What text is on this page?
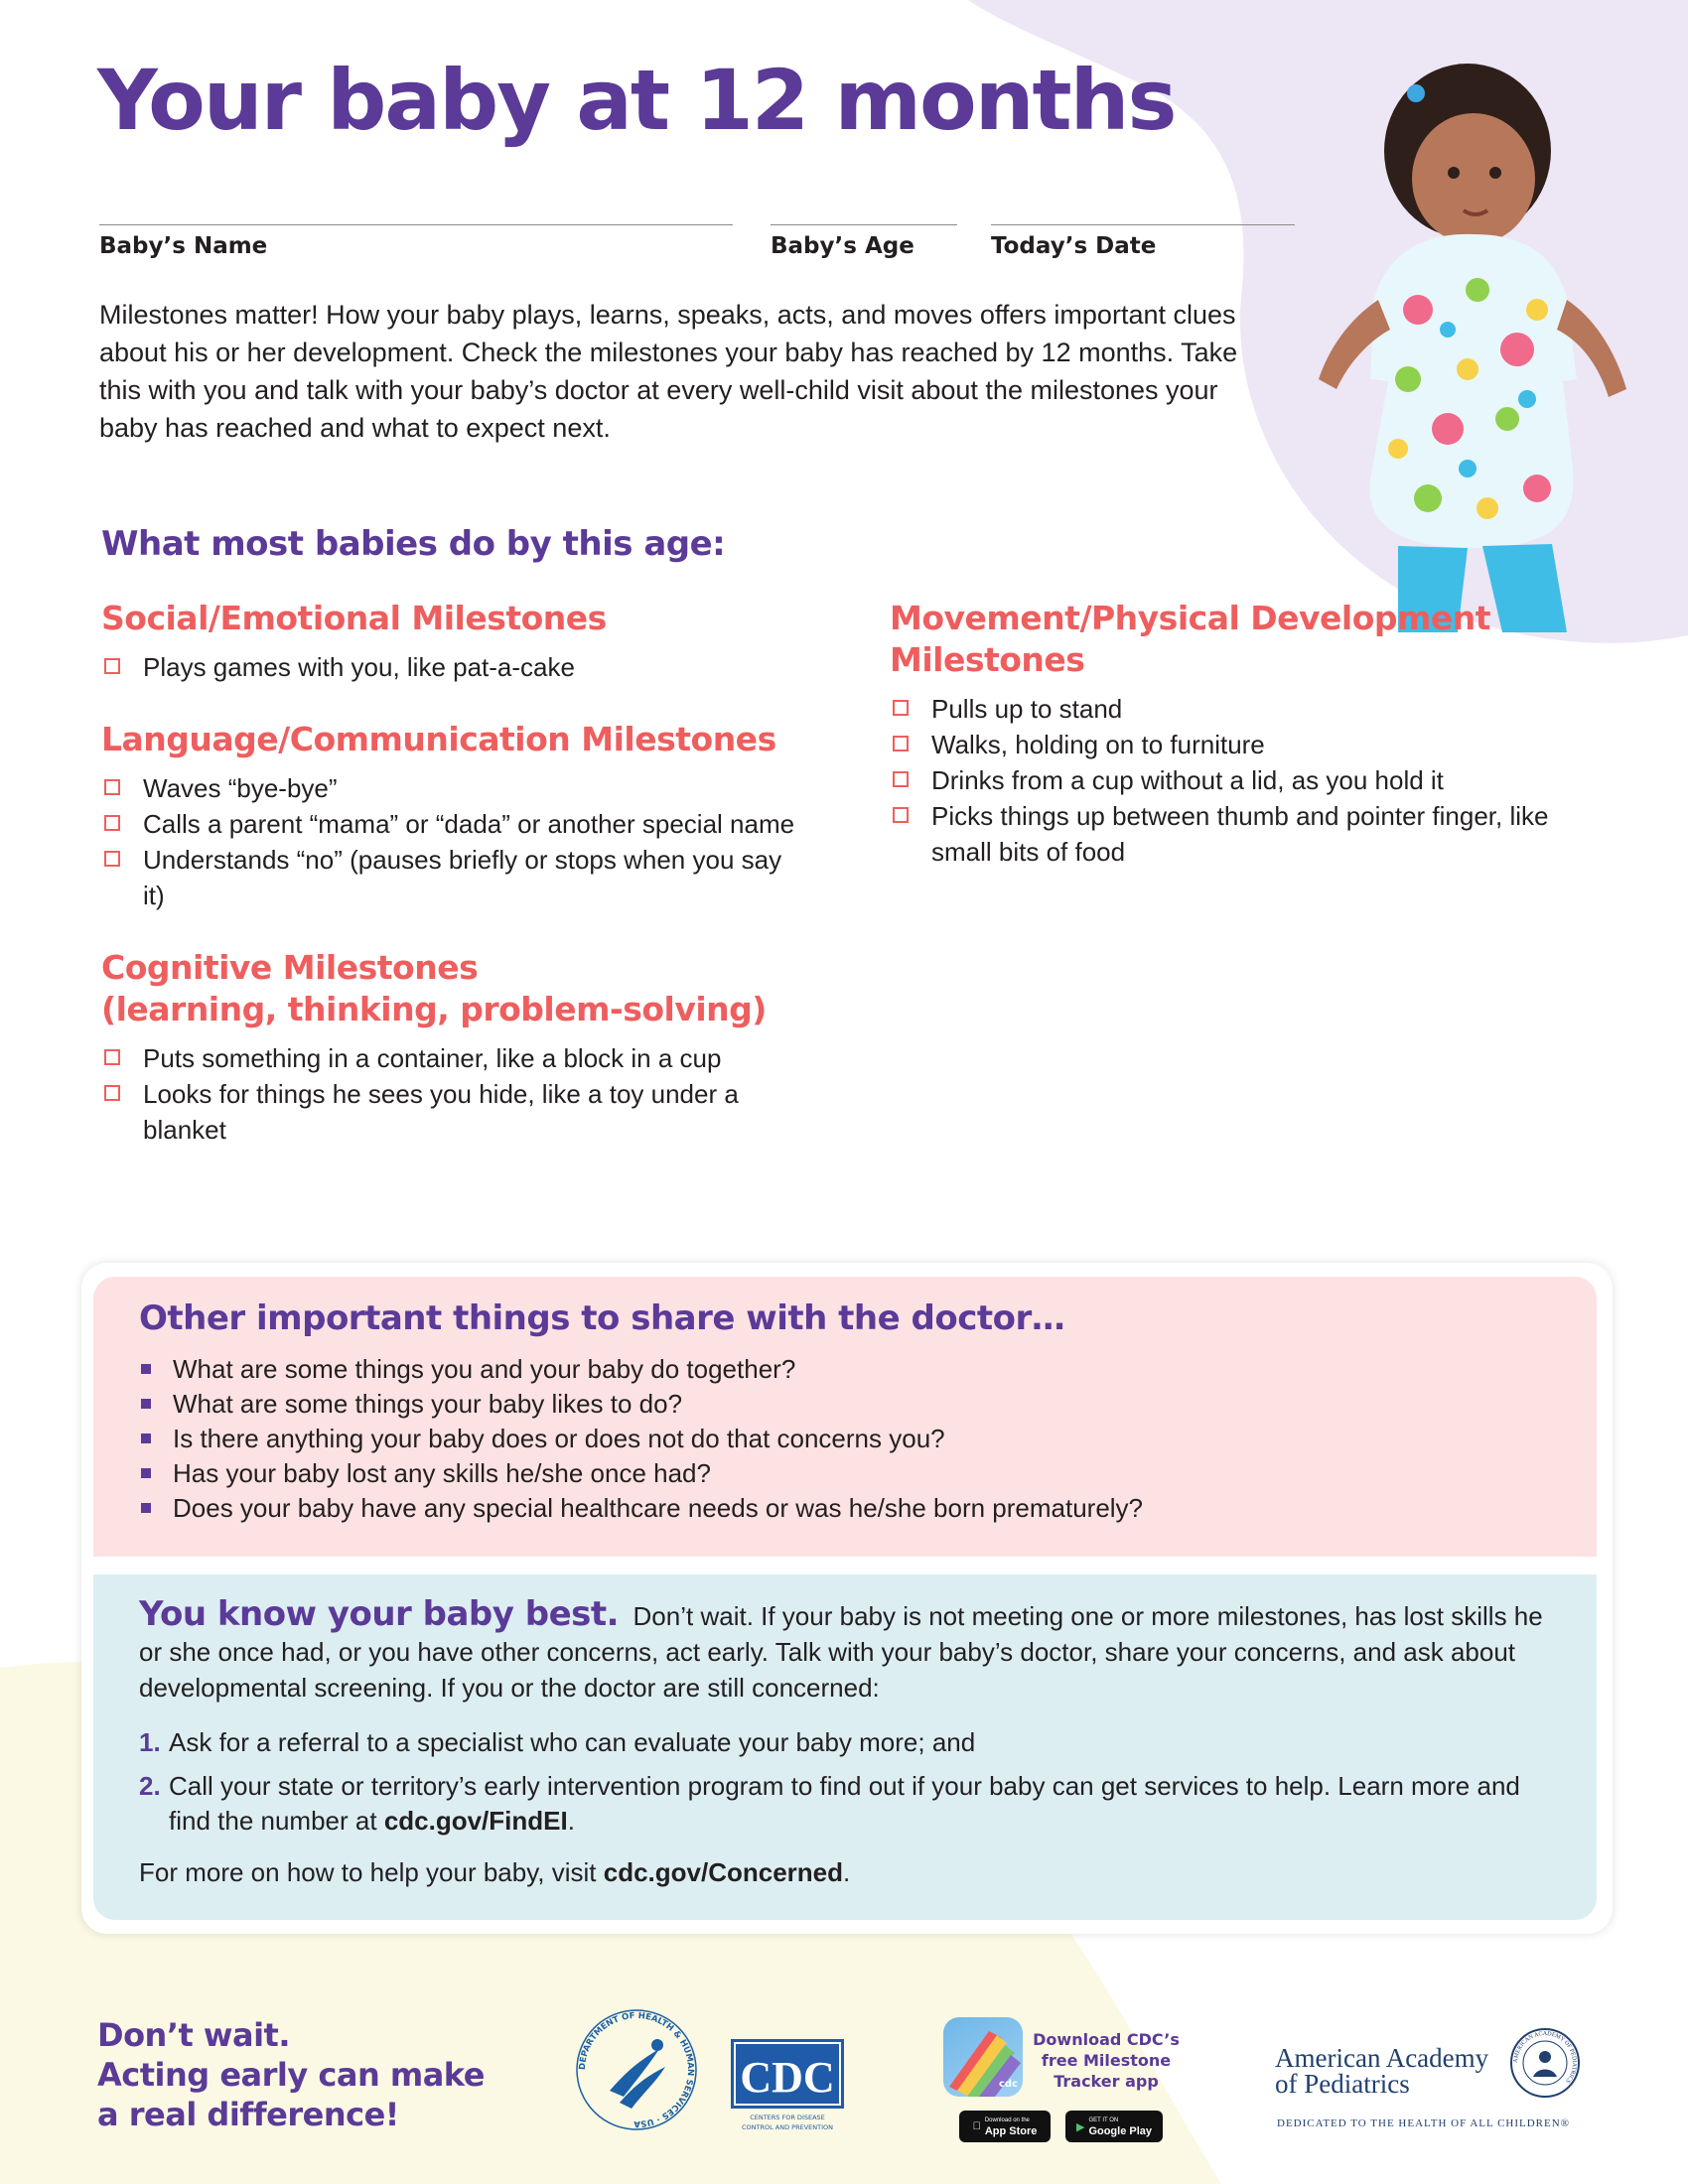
Your baby at 12 months
Baby’s Name	Baby’s Age	Today’s Date

Milestones matter! How your baby plays, learns, speaks, acts, and moves offers important clues about his or her development. Check the milestones your baby has reached by 12 months. Take this with you and talk with your baby’s doctor at every well-child visit about the milestones your baby has reached and what to expect next.

What most babies do by this age:
Social/Emotional Milestones
Plays games with you, like pat-a-cake
Language/Communication Milestones
Waves “bye-bye”
Calls a parent “mama” or “dada” or another special name
Understands “no” (pauses briefly or stops when you say it)
Cognitive Milestones
(learning, thinking, problem-solving)
Puts something in a container, like a block in a cup
Looks for things he sees you hide, like a toy under a blanket
Movement/Physical Development
Milestones
Pulls up to stand
Walks, holding on to furniture
Drinks from a cup without a lid, as you hold it
Picks things up between thumb and pointer finger, like small bits of food
Other important things to share with the doctor…
What are some things you and your baby do together?
What are some things your baby likes to do?
Is there anything your baby does or does not do that concerns you?
Has your baby lost any skills he/she once had?
Does your baby have any special healthcare needs or was he/she born prematurely?

You know your baby best. Don’t wait. If your baby is not meeting one or more milestones, has lost skills he or she once had, or you have other concerns, act early. Talk with your baby’s doctor, share your concerns, and ask about developmental screening. If you or the doctor are still concerned:

1. Ask for a referral to a specialist who can evaluate your baby more; and
2. Call your state or territory’s early intervention program to find out if your baby can get services to help. Learn more and find the number at cdc.gov/FindEI.

For more on how to help your baby, visit cdc.gov/Concerned.

Don’t wait.
Acting early can make
a real difference!

DEPARTMENT OF HEALTH & HUMAN SERVICES · USA
CDC
CENTERS FOR DISEASE
CONTROL AND PREVENTION
cdc

Download CDC’s
free Milestone
Tracker app

Download on the
App Store	▶
GET IT ON
Google Play

American Academy
of Pediatrics

DEDICATED TO THE HEALTH OF ALL CHILDREN®

AMERICAN ACADEMY OF PEDIATRICS
